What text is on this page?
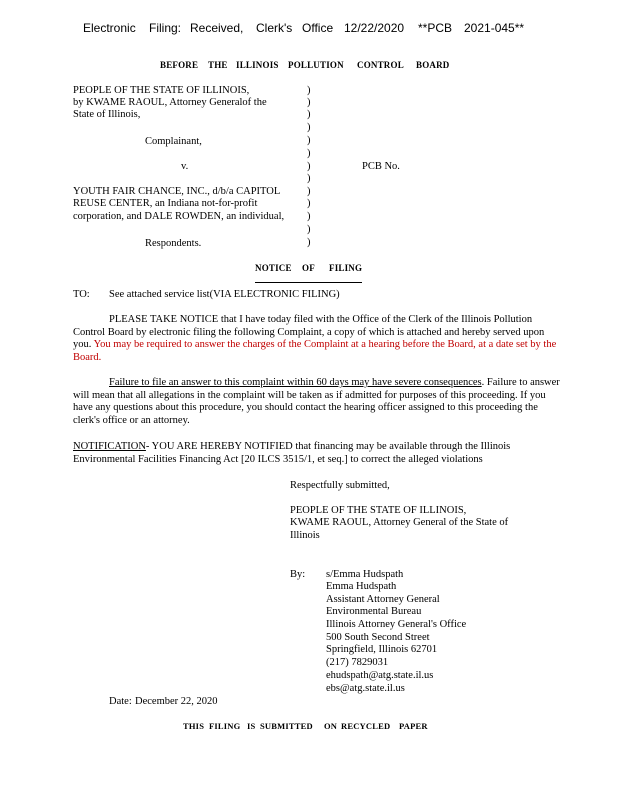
Electronic Filing: Received, Clerk's Office 12/22/2020 **PCB 2021-045**
BEFORE THE ILLINOIS POLLUTION CONTROL BOARD
PEOPLE OF THE STATE OF ILLINOIS,
by KWAME RAOUL, Attorney Generalof the
State of Illinois,
Complainant,
v.	PCB No.
YOUTH FAIR CHANCE, INC., d/b/a CAPITOL
REUSE CENTER, an Indiana not-for-profit
corporation, and DALE ROWDEN, an individual,
Respondents.
)
)
)
)
)
)
)
)
)
)
)
)
)
NOTICE OF FILING
TO: See attached service list(VIA ELECTRONIC FILING)
PLEASE TAKE NOTICE that I have today filed with the Office of the Clerk of the Illinois Pollution Control Board by electronic filing the following Complaint, a copy of which is attached and hereby served upon you. You may be required to answer the charges of the Complaint at a hearing before the Board, at a date set by the Board.
Failure to file an answer to this complaint within 60 days may have severe consequences. Failure to answer will mean that all allegations in the complaint will be taken as if admitted for purposes of this proceeding. If you have any questions about this procedure, you should contact the hearing officer assigned to this proceeding the clerk's office or an attorney.
NOTIFICATION- YOU ARE HEREBY NOTIFIED that financing may be available through the Illinois Environmental Facilities Financing Act [20 ILCS 3515/1, et seq.] to correct the alleged violations
Respectfully submitted,
PEOPLE OF THE STATE OF ILLINOIS,
KWAME RAOUL, Attorney General of the State of
Illinois
By: s/Emma Hudspath
Emma Hudspath
Assistant Attorney General
Environmental Bureau
Illinois Attorney General's Office
500 South Second Street
Springfield, Illinois 62701
(217) 7829031
ehudspath@atg.state.il.us
ebs@atg.state.il.us
Date: December 22, 2020
THIS FILING IS SUBMITTED ON RECYCLED PAPER
